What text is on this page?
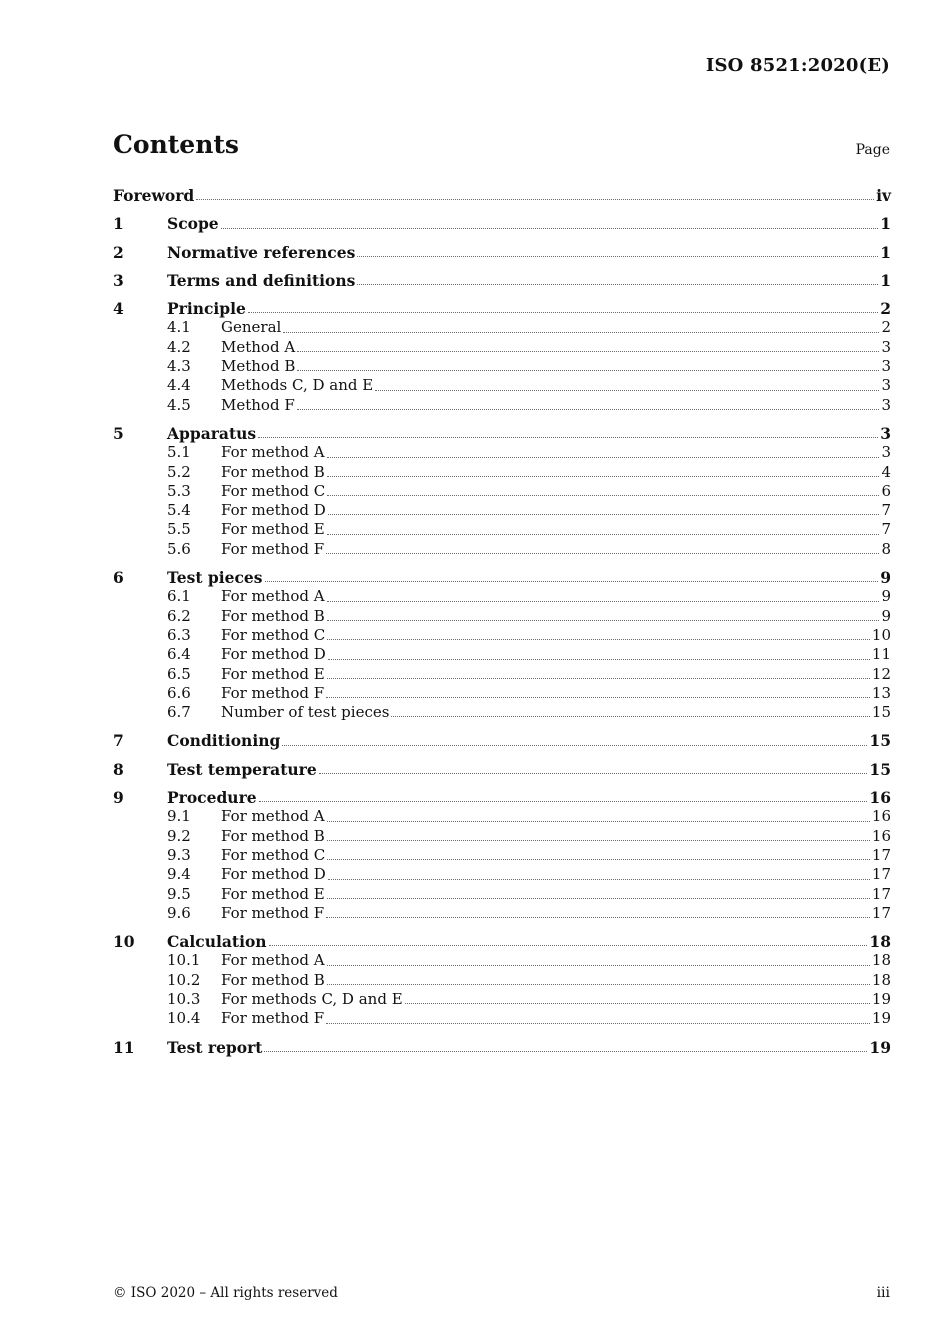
ISO 8521:2020(E)
Contents	Page
Foreword	iv
1	Scope	1
2	Normative references	1
3	Terms and definitions	1
4	Principle	2
4.1	General	2
4.2	Method A	3
4.3	Method B	3
4.4	Methods C, D and E	3
4.5	Method F	3
5	Apparatus	3
5.1	For method A	3
5.2	For method B	4
5.3	For method C	6
5.4	For method D	7
5.5	For method E	7
5.6	For method F	8
6	Test pieces	9
6.1	For method A	9
6.2	For method B	9
6.3	For method C	10
6.4	For method D	11
6.5	For method E	12
6.6	For method F	13
6.7	Number of test pieces	15
7	Conditioning	15
8	Test temperature	15
9	Procedure	16
9.1	For method A	16
9.2	For method B	16
9.3	For method C	17
9.4	For method D	17
9.5	For method E	17
9.6	For method F	17
10	Calculation	18
10.1	For method A	18
10.2	For method B	18
10.3	For methods C, D and E	19
10.4	For method F	19
11	Test report	19
© ISO 2020 – All rights reserved	iii
